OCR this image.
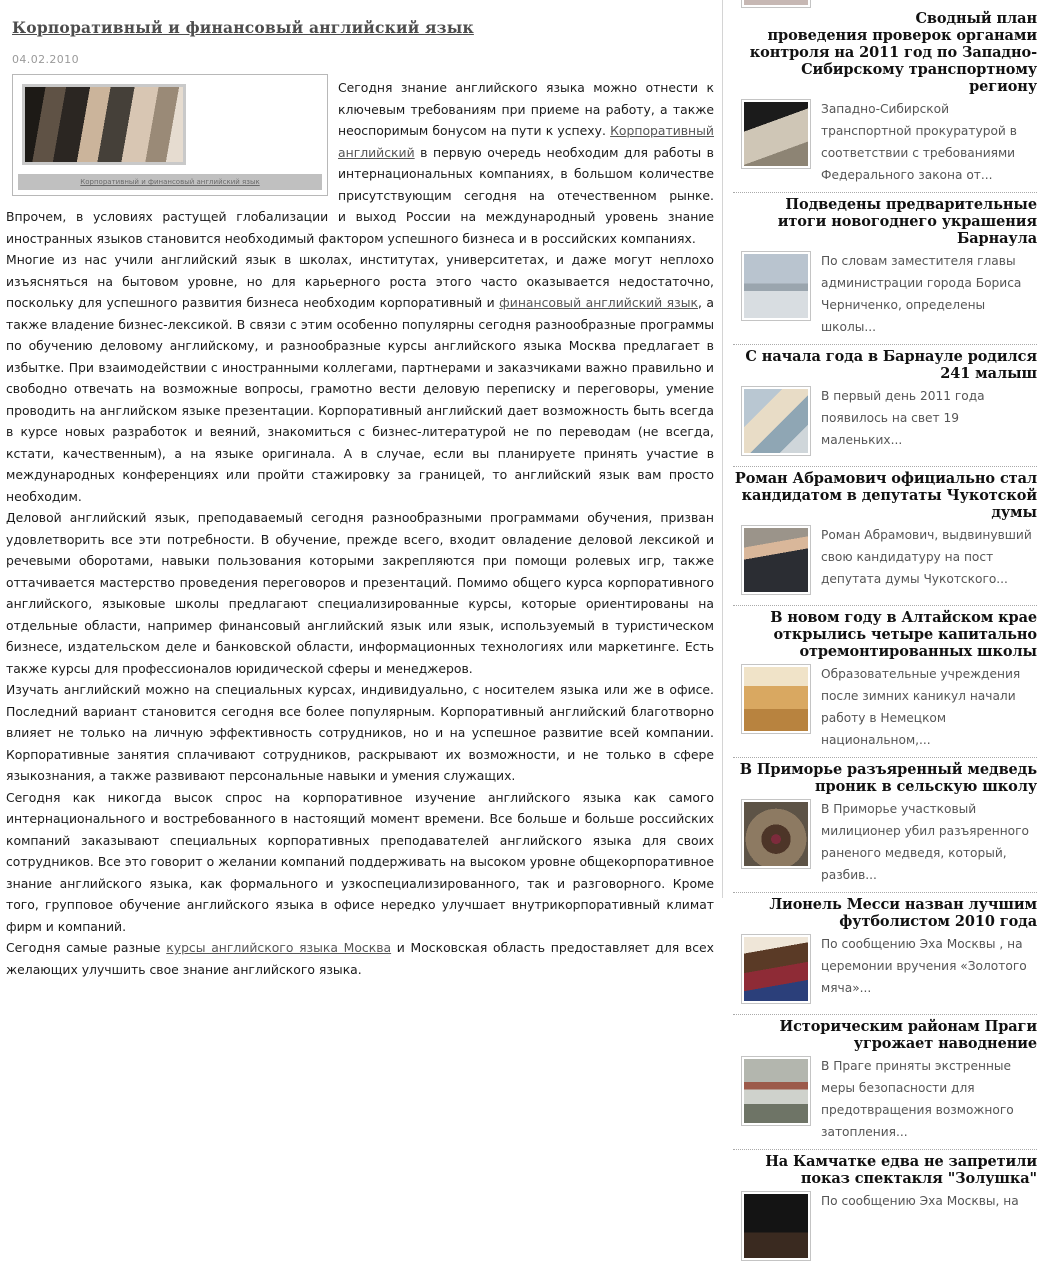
Корпоративный и финансовый английский язык
04.02.2010
Корпоративный и финансовый английский язык

Сегодня знание английского языка можно отнести к ключевым требованиям при приеме на работу, а также неоспоримым бонусом на пути к успеху. Корпоративный английский в первую очередь необходим для работы в интернациональных компаниях, в большом количестве присутствующим сегодня на отечественном рынке. Впрочем, в условиях растущей глобализации и выход России на международный уровень знание иностранных языков становится необходимый фактором успешного бизнеса и в российских компаниях.

Многие из нас учили английский язык в школах, институтах, университетах, и даже могут неплохо изъясняться на бытовом уровне, но для карьерного роста этого часто оказывается недостаточно, поскольку для успешного развития бизнеса необходим корпоративный и финансовый английский язык, а также владение бизнес-лексикой. В связи с этим особенно популярны сегодня разнообразные программы по обучению деловому английскому, и разнообразные курсы английского языка Москва предлагает в избытке. При взаимодействии с иностранными коллегами, партнерами и заказчиками важно правильно и свободно отвечать на возможные вопросы, грамотно вести деловую переписку и переговоры, умение проводить на английском языке презентации. Корпоративный английский дает возможность быть всегда в курсе новых разработок и веяний, знакомиться с бизнес-литературой не по переводам (не всегда, кстати, качественным), а на языке оригинала. А в случае, если вы планируете принять участие в международных конференциях или пройти стажировку за границей, то английский язык вам просто необходим.

Деловой английский язык, преподаваемый сегодня разнообразными программами обучения, призван удовлетворить все эти потребности. В обучение, прежде всего, входит овладение деловой лексикой и речевыми оборотами, навыки пользования которыми закрепляются при помощи ролевых игр, также оттачивается мастерство проведения переговоров и презентаций. Помимо общего курса корпоративного английского, языковые школы предлагают специализированные курсы, которые ориентированы на отдельные области, например финансовый английский язык или язык, используемый в туристическом бизнесе, издательском деле и банковской области, информационных технологиях или маркетинге. Есть также курсы для профессионалов юридической сферы и менеджеров.

Изучать английский можно на специальных курсах, индивидуально, с носителем языка или же в офисе. Последний вариант становится сегодня все более популярным. Корпоративный английский благотворно влияет не только на личную эффективность сотрудников, но и на успешное развитие всей компании. Корпоративные занятия сплачивают сотрудников, раскрывают их возможности, и не только в сфере языкознания, а также развивают персональные навыки и умения служащих.

Сегодня как никогда высок спрос на корпоративное изучение английского языка как самого интернационального и востребованного в настоящий момент времени. Все больше и больше российских компаний заказывают специальных корпоративных преподавателей английского языка для своих сотрудников. Все это говорит о желании компаний поддерживать на высоком уровне общекорпоративное знание английского языка, как формального и узкоспециализированного, так и разговорного. Кроме того, групповое обучение английского языка в офисе нередко улучшает внутрикорпоративный климат фирм и компаний.

Сегодня самые разные курсы английского языка Москва и Московская область предоставляет для всех желающих улучшить свое знание английского языка.

Сводный план проведения проверок органами контроля на 2011 год по Западно-Сибирскому транспортному региону
Западно-Сибирской транспортной прокуратурой в соответствии с требованиями Федерального закона от...
Подведены предварительные итоги новогоднего украшения Барнаула
По словам заместителя главы администрации города Бориса Черниченко, определены школы...
С начала года в Барнауле родился 241 малыш
В первый день 2011 года появилось на свет 19 маленьких...
Роман Абрамович официально стал кандидатом в депутаты Чукотской думы
Роман Абрамович, выдвинувший свою кандидатуру на пост депутата думы Чукотского...
В новом году в Алтайском крае открылись четыре капитально отремонтированных школы
Образовательные учреждения после зимних каникул начали работу в Немецком национальном,...
В Приморье разъяренный медведь проник в сельскую школу
В Приморье участковый милиционер убил разъяренного раненого медведя, который, разбив...
Лионель Месси назван лучшим футболистом 2010 года
По сообщению Эха Москвы , на церемонии вручения «Золотого мяча»...
Историческим районам Праги угрожает наводнение
В Праге приняты экстренные меры безопасности для предотвращения возможного затопления...
На Камчатке едва не запретили показ спектакля "Золушка"
По сообщению Эха Москвы, на
